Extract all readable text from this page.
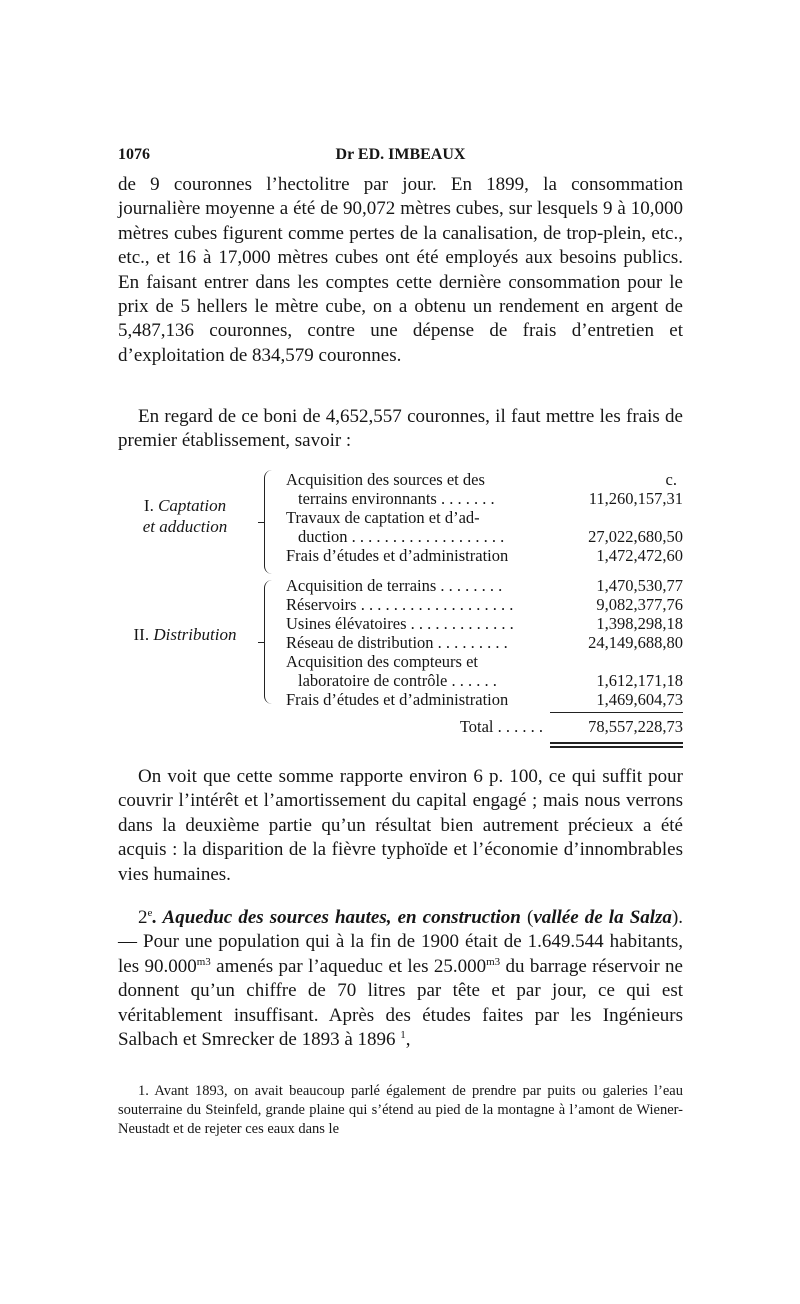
1076	Dr ED. IMBEAUX

de 9 couronnes l’hectolitre par jour. En 1899, la consommation journalière moyenne a été de 90,072 mètres cubes, sur lesquels 9 à 10,000 mètres cubes figurent comme pertes de la canalisation, de trop-plein, etc., etc., et 16 à 17,000 mètres cubes ont été employés aux besoins publics. En faisant entrer dans les comptes cette dernière consommation pour le prix de 5 hellers le mètre cube, on a obtenu un rendement en argent de 5,487,136 couronnes, contre une dépense de frais d’entretien et d’exploitation de 834,579 couronnes.

En regard de ce boni de 4,652,557 couronnes, il faut mettre les frais de premier établissement, savoir :

I. Captation
et adduction
c.
Acquisition des sources et des
terrains environnants . . . . . . .	11,260,157,31
Travaux de captation et d’ad-
duction . . . . . . . . . . . . . . . . . . .	27,022,680,50
Frais d’études et d’administration	1,472,472,60
II. Distribution
Acquisition de terrains . . . . . . . .	1,470,530,77
Réservoirs . . . . . . . . . . . . . . . . . . .	9,082,377,76
Usines élévatoires . . . . . . . . . . . . .	1,398,298,18
Réseau de distribution . . . . . . . . .	24,149,688,80
Acquisition des compteurs et
laboratoire de contrôle . . . . . .	1,612,171,18
Frais d’études et d’administration	1,469,604,73
Total . . . . . .	78,557,228,73

On voit que cette somme rapporte environ 6 p. 100, ce qui suffit pour couvrir l’intérêt et l’amortissement du capital engagé ; mais nous verrons dans la deuxième partie qu’un résultat bien autrement précieux a été acquis : la disparition de la fièvre typhoïde et l’économie d’innombrables vies humaines.

2e. Aqueduc des sources hautes, en construction (vallée de la Salza). — Pour une population qui à la fin de 1900 était de 1.649.544 habitants, les $90.000^{m3}$ amenés par l’aqueduc et les $25.000^{m3}$ du barrage réservoir ne donnent qu’un chiffre de 70 litres par tête et par jour, ce qui est véritablement insuffisant. Après des études faites par les Ingénieurs Salbach et Smrecker de 1893 à 1896 $^1$,

1. Avant 1893, on avait beaucoup parlé également de prendre par puits ou galeries l’eau souterraine du Steinfeld, grande plaine qui s’étend au pied de la montagne à l’amont de Wiener-Neustadt et de rejeter ces eaux dans le
